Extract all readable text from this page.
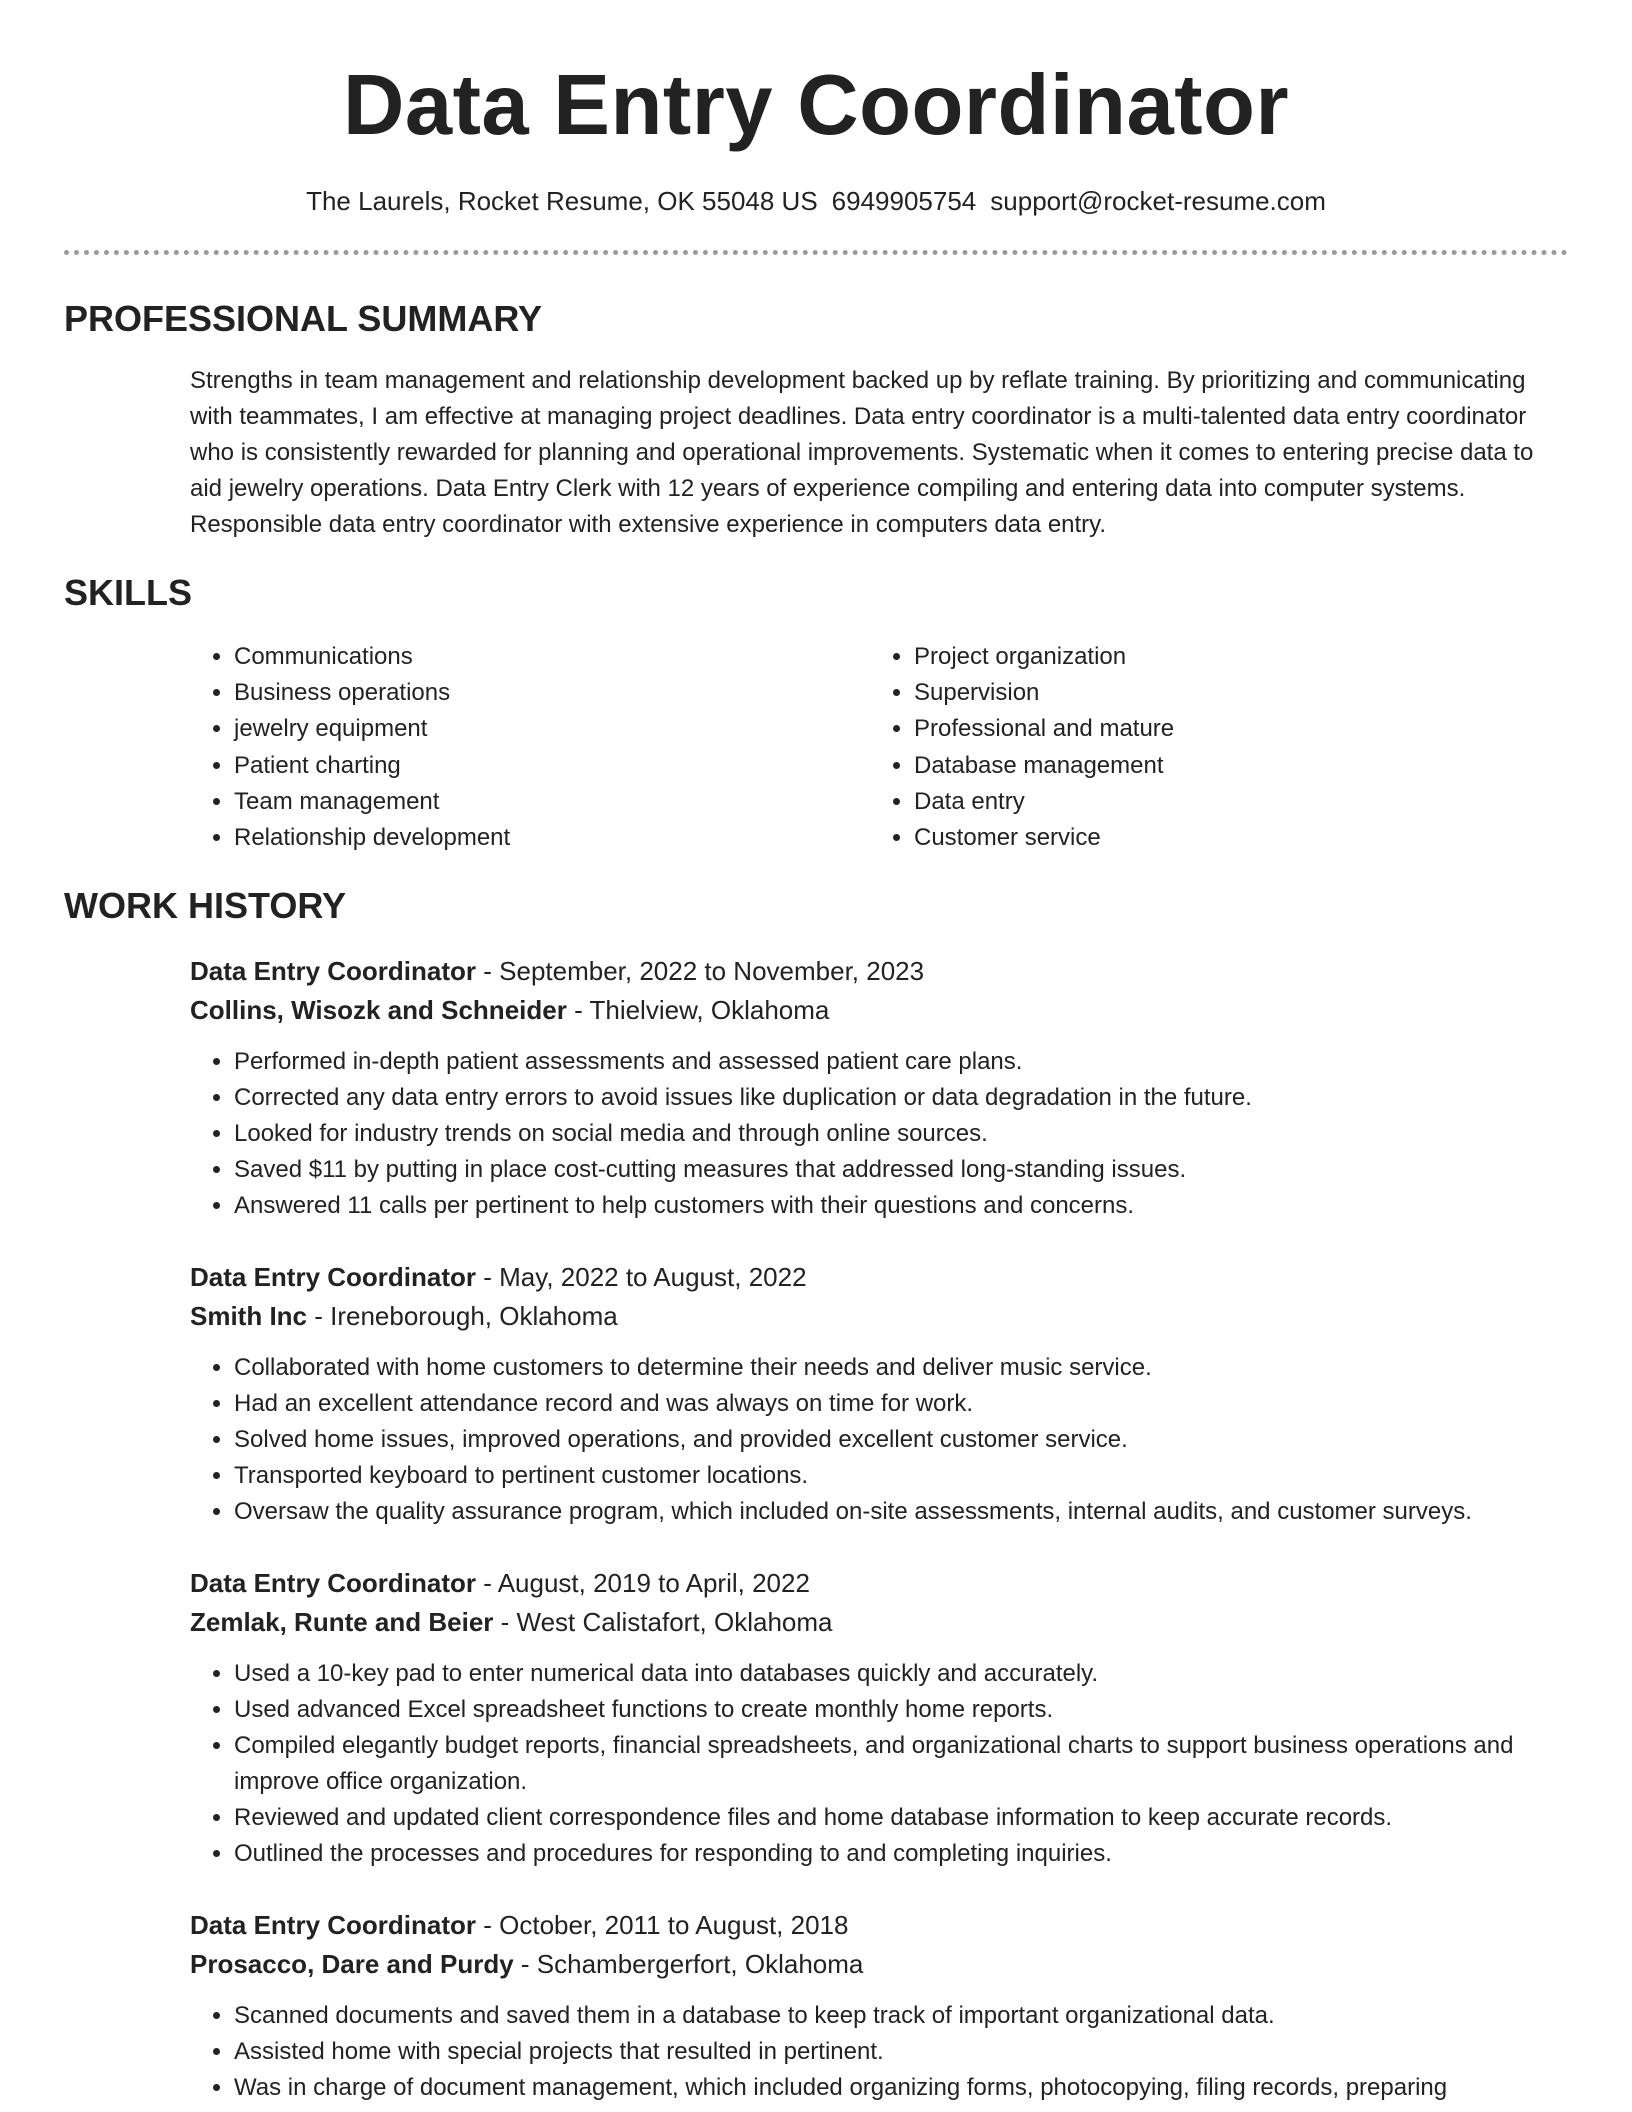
Data Entry Coordinator
The Laurels, Rocket Resume, OK 55048 US 6949905754 support@rocket-resume.com
PROFESSIONAL SUMMARY

Strengths in team management and relationship development backed up by reflate training. By prioritizing and communicating with teammates, I am effective at managing project deadlines. Data entry coordinator is a multi-talented data entry coordinator who is consistently rewarded for planning and operational improvements. Systematic when it comes to entering precise data to aid jewelry operations. Data Entry Clerk with 12 years of experience compiling and entering data into computer systems. Responsible data entry coordinator with extensive experience in computers data entry.

SKILLS
• Communications
• Business operations
• jewelry equipment
• Patient charting
• Team management
• Relationship development
• Project organization
• Supervision
• Professional and mature
• Database management
• Data entry
• Customer service
WORK HISTORY
Data Entry Coordinator - September, 2022 to November, 2023
Collins, Wisozk and Schneider - Thielview, Oklahoma
• Performed in-depth patient assessments and assessed patient care plans.
• Corrected any data entry errors to avoid issues like duplication or data degradation in the future.
• Looked for industry trends on social media and through online sources.
• Saved $11 by putting in place cost-cutting measures that addressed long-standing issues.
• Answered 11 calls per pertinent to help customers with their questions and concerns.
Data Entry Coordinator - May, 2022 to August, 2022
Smith Inc - Ireneborough, Oklahoma
• Collaborated with home customers to determine their needs and deliver music service.
• Had an excellent attendance record and was always on time for work.
• Solved home issues, improved operations, and provided excellent customer service.
• Transported keyboard to pertinent customer locations.
• Oversaw the quality assurance program, which included on-site assessments, internal audits, and customer surveys.
Data Entry Coordinator - August, 2019 to April, 2022
Zemlak, Runte and Beier - West Calistafort, Oklahoma
• Used a 10-key pad to enter numerical data into databases quickly and accurately.
• Used advanced Excel spreadsheet functions to create monthly home reports.
• Compiled elegantly budget reports, financial spreadsheets, and organizational charts to support business operations and improve office organization.
• Reviewed and updated client correspondence files and home database information to keep accurate records.
• Outlined the processes and procedures for responding to and completing inquiries.
Data Entry Coordinator - October, 2011 to August, 2018
Prosacco, Dare and Purdy - Schambergerfort, Oklahoma
• Scanned documents and saved them in a database to keep track of important organizational data.
• Assisted home with special projects that resulted in pertinent.
• Was in charge of document management, which included organizing forms, photocopying, filing records, preparing
